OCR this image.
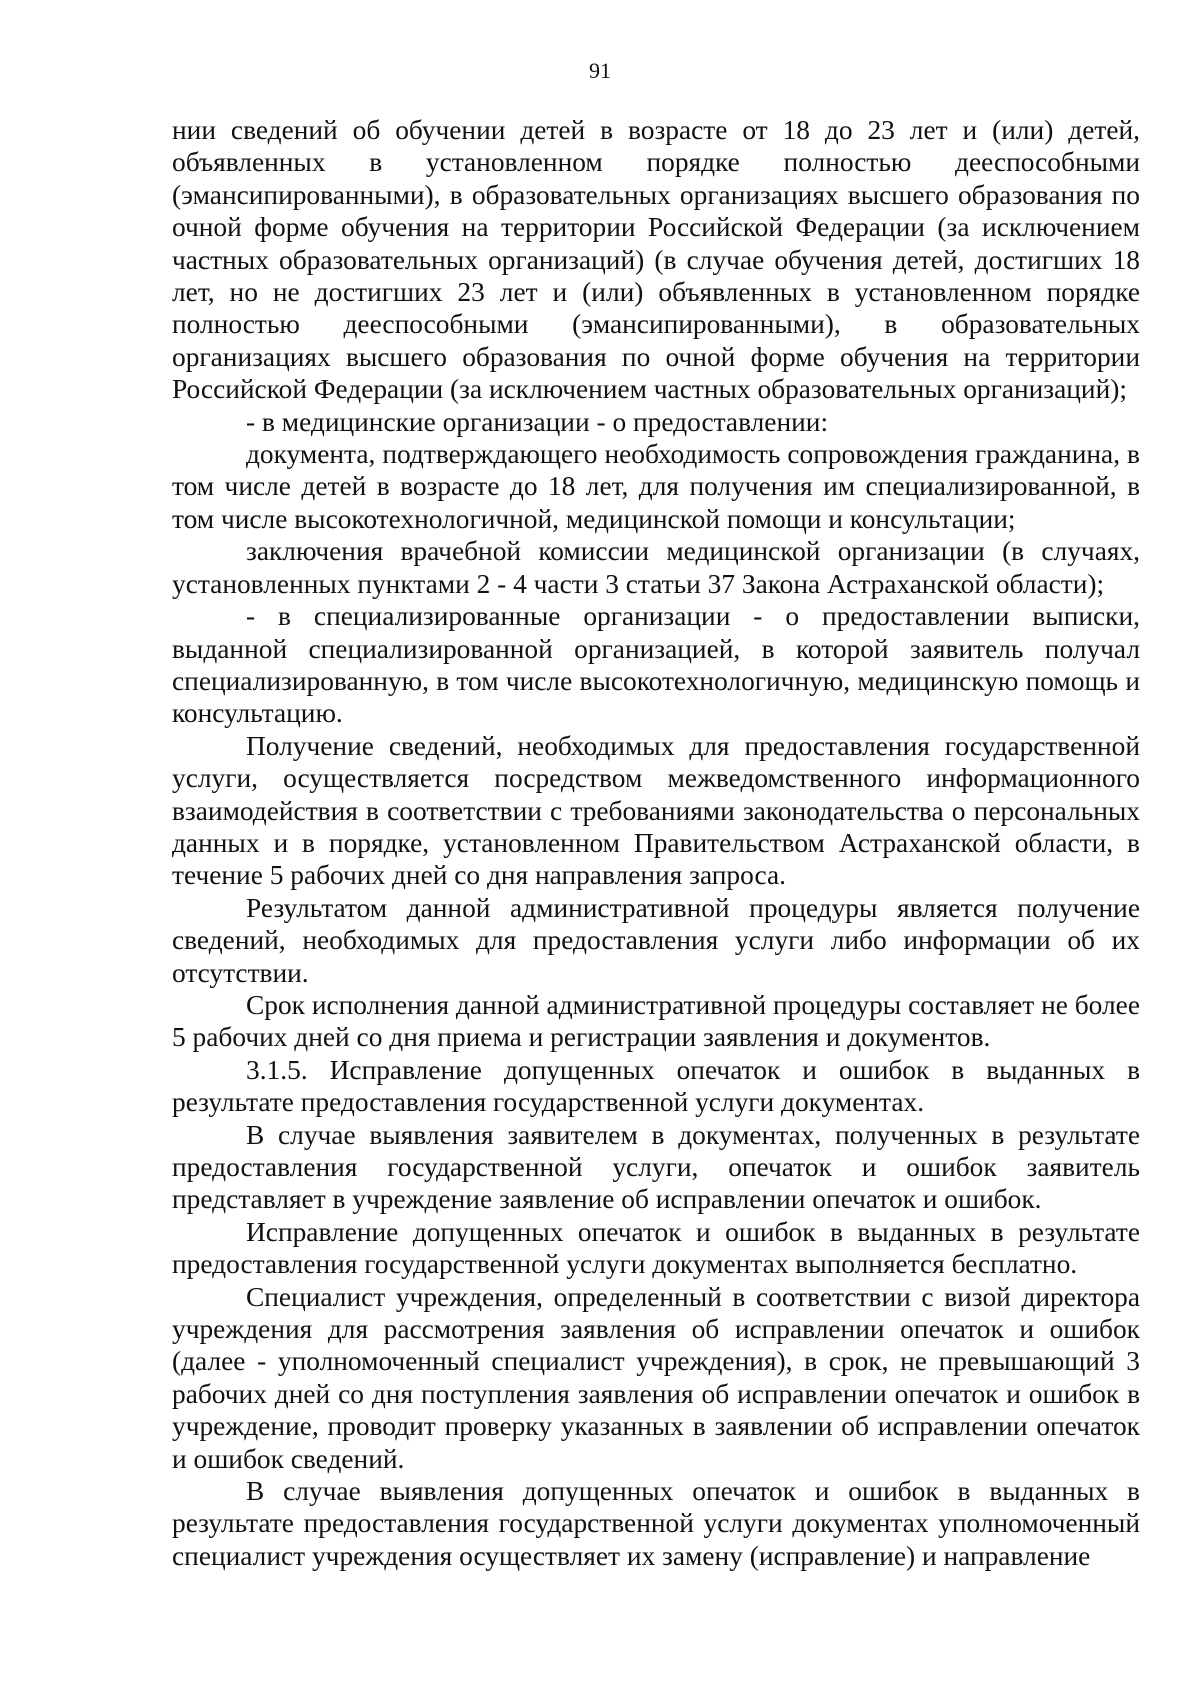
91

нии сведений об обучении детей в возрасте от 18 до 23 лет и (или) детей, объявленных в установленном порядке полностью дееспособными (эмансипированными), в образовательных организациях высшего образования по очной форме обучения на территории Российской Федерации (за исключением частных образовательных организаций) (в случае обучения детей, достигших 18 лет, но не достигших 23 лет и (или) объявленных в установленном порядке полностью дееспособными (эмансипированными), в образовательных организациях высшего образования по очной форме обучения на территории Российской Федерации (за исключением частных образовательных организаций);

- в медицинские организации - о предоставлении:

документа, подтверждающего необходимость сопровождения гражданина, в том числе детей в возрасте до 18 лет, для получения им специализированной, в том числе высокотехнологичной, медицинской помощи и консультации;

заключения врачебной комиссии медицинской организации (в случаях, установленных пунктами 2 - 4 части 3 статьи 37 Закона Астраханской области);

- в специализированные организации - о предоставлении выписки, выданной специализированной организацией, в которой заявитель получал специализированную, в том числе высокотехнологичную, медицинскую помощь и консультацию.

Получение сведений, необходимых для предоставления государственной услуги, осуществляется посредством межведомственного информационного взаимодействия в соответствии с требованиями законодательства о персональных данных и в порядке, установленном Правительством Астраханской области, в течение 5 рабочих дней со дня направления запроса.

Результатом данной административной процедуры является получение сведений, необходимых для предоставления услуги либо информации об их отсутствии.

Срок исполнения данной административной процедуры составляет не более 5 рабочих дней со дня приема и регистрации заявления и документов.

3.1.5. Исправление допущенных опечаток и ошибок в выданных в результате предоставления государственной услуги документах.

В случае выявления заявителем в документах, полученных в результате предоставления государственной услуги, опечаток и ошибок заявитель представляет в учреждение заявление об исправлении опечаток и ошибок.

Исправление допущенных опечаток и ошибок в выданных в результате предоставления государственной услуги документах выполняется бесплатно.

Специалист учреждения, определенный в соответствии с визой директора учреждения для рассмотрения заявления об исправлении опечаток и ошибок (далее - уполномоченный специалист учреждения), в срок, не превышающий 3 рабочих дней со дня поступления заявления об исправлении опечаток и ошибок в учреждение, проводит проверку указанных в заявлении об исправлении опечаток и ошибок сведений.

В случае выявления допущенных опечаток и ошибок в выданных в результате предоставления государственной услуги документах уполномоченный специалист учреждения осуществляет их замену (исправление) и направление
